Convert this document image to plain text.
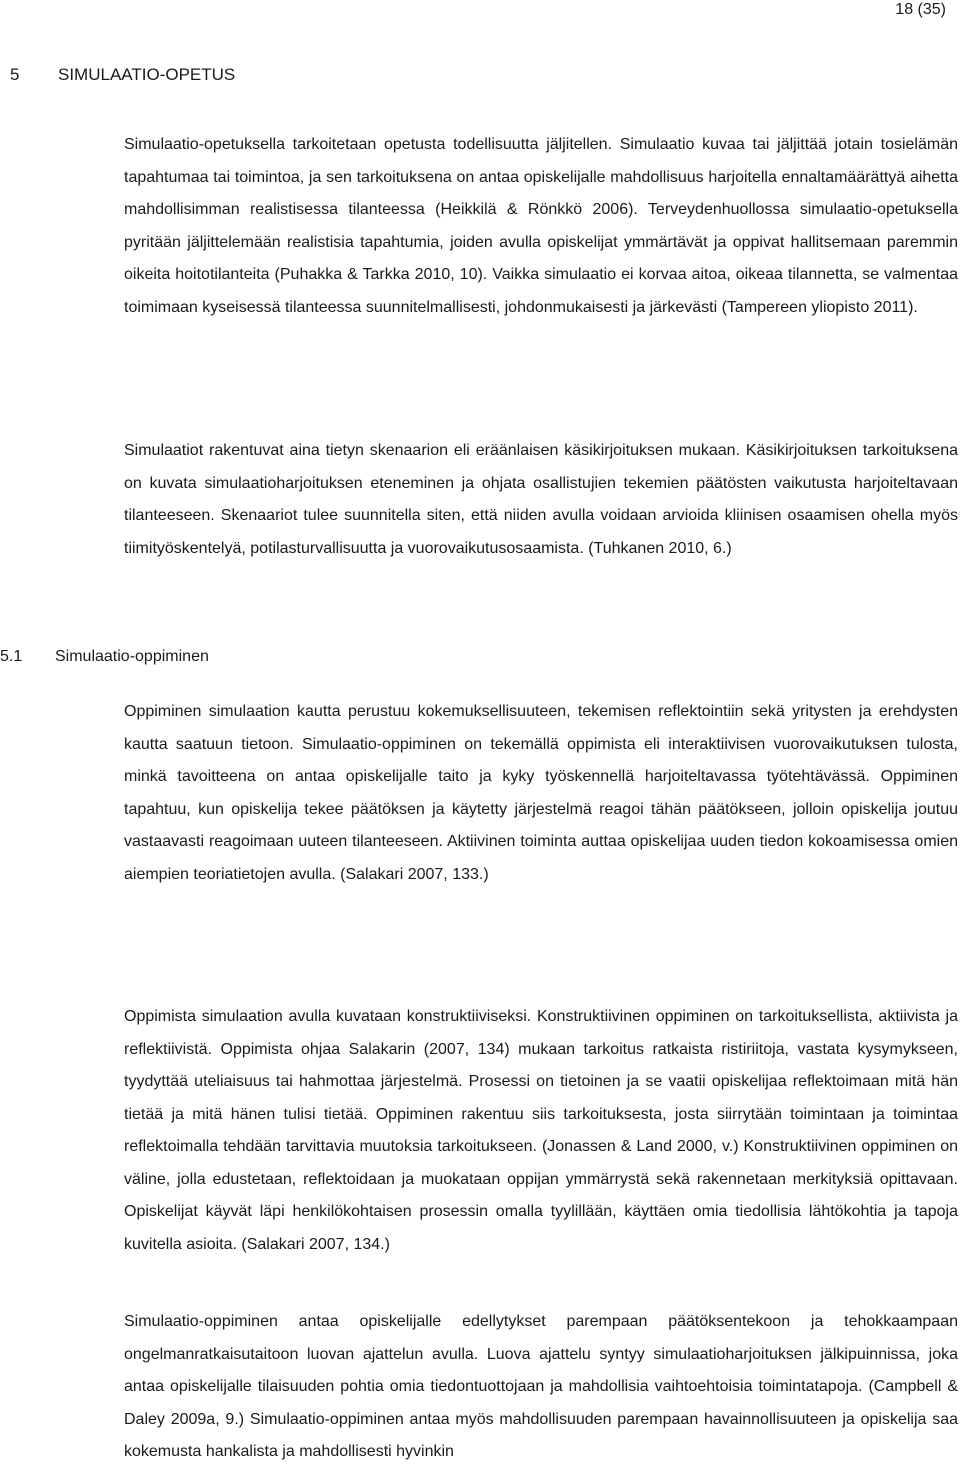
18 (35)
5 SIMULAATIO-OPETUS

Simulaatio-opetuksella tarkoitetaan opetusta todellisuutta jäljitellen. Simulaatio kuvaa tai jäljittää jotain tosielämän tapahtumaa tai toimintoa, ja sen tarkoituksena on antaa opiskelijalle mahdollisuus harjoitella ennaltamäärättyä aihetta mahdollisimman realistisessa tilanteessa (Heikkilä & Rönkkö 2006). Terveydenhuollossa simulaatio-opetuksella pyritään jäljittelemään realistisia tapahtumia, joiden avulla opiskelijat ymmärtävät ja oppivat hallitsemaan paremmin oikeita hoitotilanteita (Puhakka & Tarkka 2010, 10). Vaikka simulaatio ei korvaa aitoa, oikeaa tilannetta, se valmentaa toimimaan kyseisessä tilanteessa suunnitelmallisesti, johdonmukaisesti ja järkevästi (Tampereen yliopisto 2011).

Simulaatiot rakentuvat aina tietyn skenaarion eli eräänlaisen käsikirjoituksen mukaan. Käsikirjoituksen tarkoituksena on kuvata simulaatioharjoituksen eteneminen ja ohjata osallistujien tekemien päätösten vaikutusta harjoiteltavaan tilanteeseen. Skenaariot tulee suunnitella siten, että niiden avulla voidaan arvioida kliinisen osaamisen ohella myös tiimityöskentelyä, potilasturvallisuutta ja vuorovaikutusosaamista. (Tuhkanen 2010, 6.)

5.1 Simulaatio-oppiminen

Oppiminen simulaation kautta perustuu kokemuksellisuuteen, tekemisen reflektointiin sekä yritysten ja erehdysten kautta saatuun tietoon. Simulaatio-oppiminen on tekemällä oppimista eli interaktiivisen vuorovaikutuksen tulosta, minkä tavoitteena on antaa opiskelijalle taito ja kyky työskennellä harjoiteltavassa työtehtävässä. Oppiminen tapahtuu, kun opiskelija tekee päätöksen ja käytetty järjestelmä reagoi tähän päätökseen, jolloin opiskelija joutuu vastaavasti reagoimaan uuteen tilanteeseen. Aktiivinen toiminta auttaa opiskelijaa uuden tiedon kokoamisessa omien aiempien teoriatietojen avulla. (Salakari 2007, 133.)

Oppimista simulaation avulla kuvataan konstruktiiviseksi. Konstruktiivinen oppiminen on tarkoituksellista, aktiivista ja reflektiivistä. Oppimista ohjaa Salakarin (2007, 134) mukaan tarkoitus ratkaista ristiriitoja, vastata kysymykseen, tyydyttää uteliaisuus tai hahmottaa järjestelmä. Prosessi on tietoinen ja se vaatii opiskelijaa reflektoimaan mitä hän tietää ja mitä hänen tulisi tietää. Oppiminen rakentuu siis tarkoituksesta, josta siirrytään toimintaan ja toimintaa reflektoimalla tehdään tarvittavia muutoksia tarkoitukseen. (Jonassen & Land 2000, v.) Konstruktiivinen oppiminen on väline, jolla edustetaan, reflektoidaan ja muokataan oppijan ymmärrystä sekä rakennetaan merkityksiä opittavaan. Opiskelijat käyvät läpi henkilökohtaisen prosessin omalla tyylillään, käyttäen omia tiedollisia lähtökohtia ja tapoja kuvitella asioita. (Salakari 2007, 134.)

Simulaatio-oppiminen antaa opiskelijalle edellytykset parempaan päätöksentekoon ja tehokkaampaan ongelmanratkaisutaitoon luovan ajattelun avulla. Luova ajattelu syntyy simulaatioharjoituksen jälkipuinnissa, joka antaa opiskelijalle tilaisuuden pohtia omia tiedontuottojaan ja mahdollisia vaihtoehtoisia toimintatapoja. (Campbell & Daley 2009a, 9.) Simulaatio-oppiminen antaa myös mahdollisuuden parempaan havainnollisuuteen ja opiskelija saa kokemusta hankalista ja mahdollisesti hyvinkin
